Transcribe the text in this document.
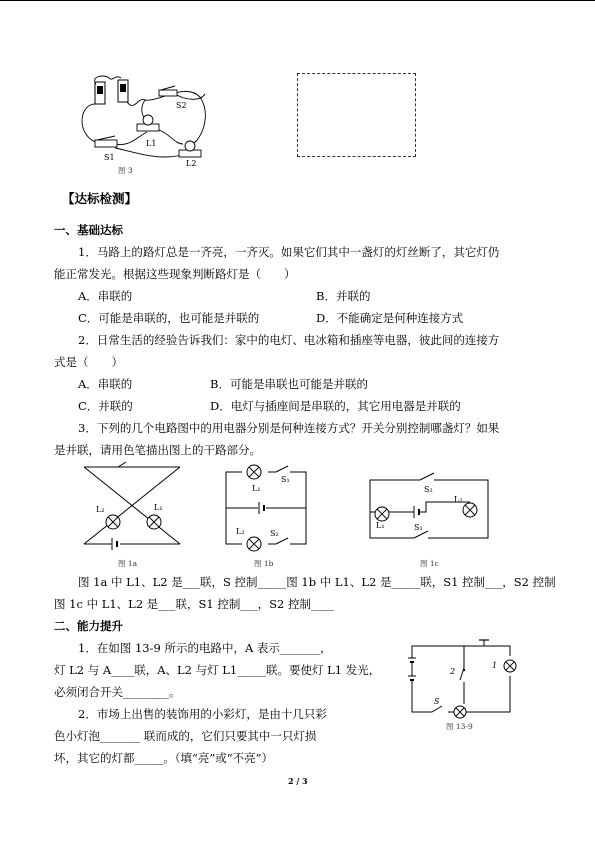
S2
L1
S1
L2
图 3
【达标检测】
一、基础达标
1．马路上的路灯总是一齐亮，一齐灭。如果它们其中一盏灯的灯丝断了，其它灯仍
能正常发光。根据这些现象判断路灯是（　　）
A．串联的	B．并联的
C．可能是串联的，也可能是并联的	D．不能确定是何种连接方式
2．日常生活的经验告诉我们：家中的电灯、电冰箱和插座等电器，彼此间的连接方
式是（　　）
A．串联的	B．可能是串联也可能是并联的
C．并联的	D．电灯与插座间是串联的，其它用电器是并联的
3．下列的几个电路图中的用电器分别是何种连接方式？开关分别控制哪盏灯？如果
是并联，请用色笔描出图上的干路部分。
L₂	L₁
图 1a
L₁
S₁
L₂	S₂
图 1b
S₂
L₂
L₁	S₁
图 1c
图 1a 中 L1、L2 是___联，S 控制_____图 1b 中 L1、L2 是_____联，S1 控制___，S2 控制
图 1c 中 L1、L2 是___联，S1 控制___，S2 控制____
二、能力提升
1．在如图 13-9 所示的电路中，A 表示_______，
灯 L2 与 A____联，A、L2 与灯 L1_____联。要使灯 L1 发光，
必须闭合开关________。
2．市场上出售的装饰用的小彩灯，是由十几只彩
色小灯泡_______ 联而成的，它们只要其中一只灯损
坏，其它的灯都_____。（填“亮”或“不亮”）
1
2
S
图 13-9
2 / 3
